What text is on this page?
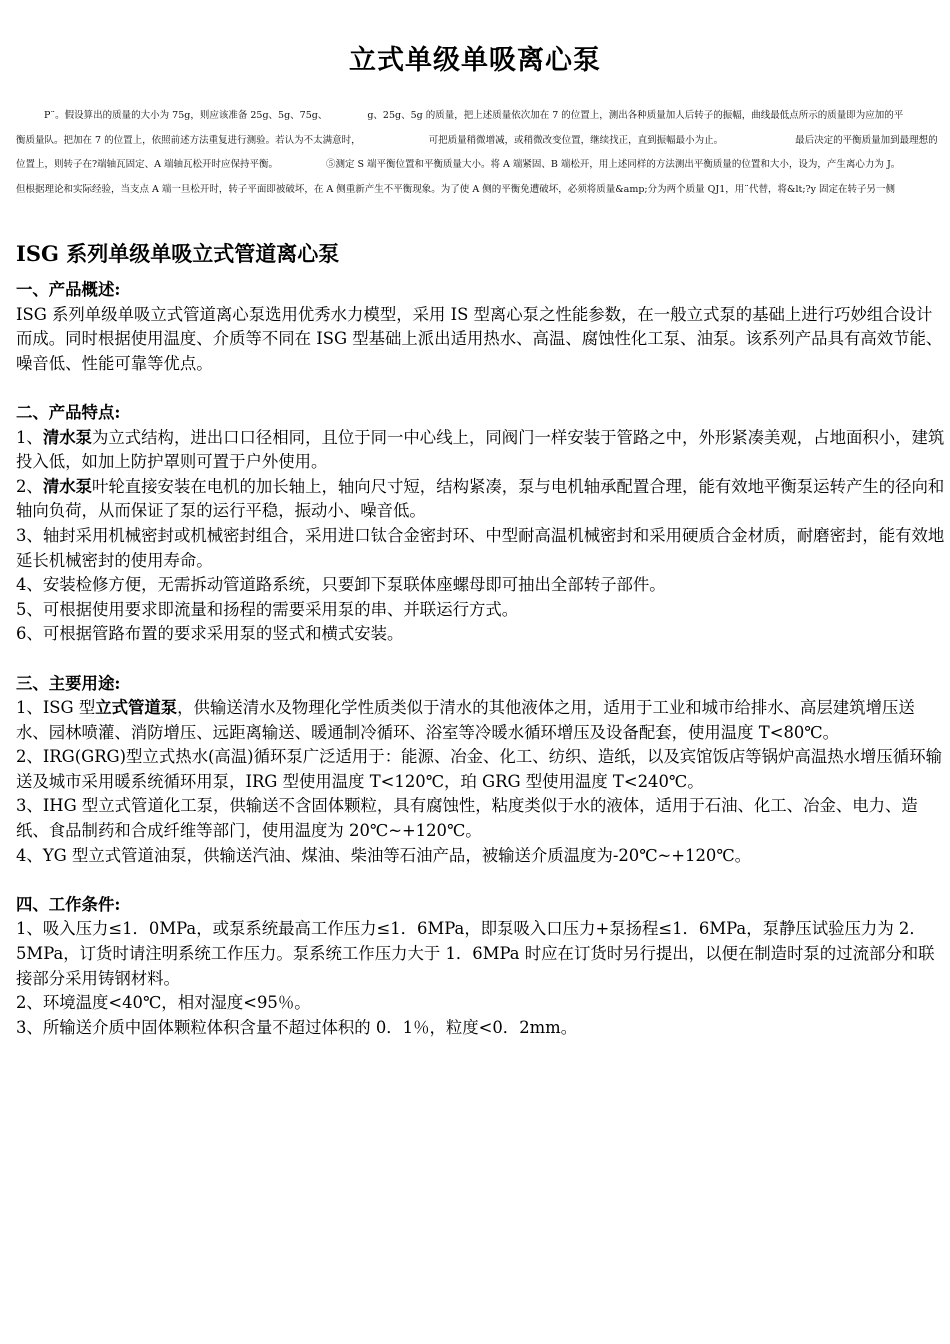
立式单级单吸离心泵
P¨。假设算出的质量的大小为 75g，则应该准备 25g、5g、75g、	g、25g、5g 的质量，把上述质量依次加在 7 的位置上，测出各种质量加人后转子的振幅，曲线最低点所示的质量即为应加的平
衡质量队。把加在 7 的位置上，依照前述方法重复进行测验。若认为不太满意时，	可把质量稍微增减，或稍微改变位置，继续找正，直到振幅最小为止。	最后决定的平衡质量加到最理想的
位置上，则转子在?端轴瓦固定、A 端轴瓦松开时应保持平衡。	⑤测定 S 端平衡位置和平衡质量大小。将 A 端紧固、B 端松开，用上述同样的方法测出平衡质量的位置和大小，设为，产生离心力为 J。
但根据理论和实际经验，当支点 A 端一旦松开时，转子平面即被破坏，在 A 侧重新产生不平衡现象。为了使 A 侧的平衡免遭破坏，必须将质量&amp;分为两个质量 QJ1，用¨代替，将&lt;?y 固定在转子另一侧
ISG 系列单级单吸立式管道离心泵
一、产品概述:

ISG 系列单级单吸立式管道离心泵选用优秀水力模型，采用 IS 型离心泵之性能参数，在一般立式泵的基础上进行巧妙组合设计而成。同时根据使用温度、介质等不同在 ISG 型基础上派出适用热水、高温、腐蚀性化工泵、油泵。该系列产品具有高效节能、噪音低、性能可靠等优点。

二、产品特点:

1、清水泵为立式结构，进出口口径相同，且位于同一中心线上，同阀门一样安装于管路之中，外形紧凑美观，占地面积小，建筑投入低，如加上防护罩则可置于户外使用。

2、清水泵叶轮直接安装在电机的加长轴上，轴向尺寸短，结构紧凑，泵与电机轴承配置合理，能有效地平衡泵运转产生的径向和轴向负荷，从而保证了泵的运行平稳，振动小、噪音低。

3、轴封采用机械密封或机械密封组合，采用进口钛合金密封环、中型耐高温机械密封和采用硬质合金材质，耐磨密封，能有效地延长机械密封的使用寿命。

4、安装检修方便，无需拆动管道路系统，只要卸下泵联体座螺母即可抽出全部转子部件。

5、可根据使用要求即流量和扬程的需要采用泵的串、并联运行方式。

6、可根据管路布置的要求采用泵的竖式和横式安装。

三、主要用途:

1、ISG 型立式管道泵，供输送清水及物理化学性质类似于清水的其他液体之用，适用于工业和城市给排水、高层建筑增压送水、园林喷灌、消防增压、远距离输送、暖通制冷循环、浴室等冷暖水循环增压及设备配套，使用温度 T<80℃。

2、IRG(GRG)型立式热水(高温)循环泵广泛适用于：能源、冶金、化工、纺织、造纸，以及宾馆饭店等锅炉高温热水增压循环输送及城市采用暖系统循环用泵，IRG 型使用温度 T<120℃，珀 GRG 型使用温度 T<240℃。

3、IHG 型立式管道化工泵，供输送不含固体颗粒，具有腐蚀性，粘度类似于水的液体，适用于石油、化工、冶金、电力、造纸、食品制药和合成纤维等部门，使用温度为 20℃~+120℃。

4、YG 型立式管道油泵，供输送汽油、煤油、柴油等石油产品，被输送介质温度为-20℃~+120℃。

四、工作条件:

1、吸入压力≤1．0MPa，或泵系统最高工作压力≤1．6MPa，即泵吸入口压力+泵扬程≤1．6MPa，泵静压试验压力为 2．5MPa，订货时请注明系统工作压力。泵系统工作压力大于 1．6MPa 时应在订货时另行提出，以便在制造时泵的过流部分和联接部分采用铸钢材料。

2、环境温度<40℃，相对湿度<95％。

3、所输送介质中固体颗粒体积含量不超过体积的 0．1％，粒度<0．2mm。
